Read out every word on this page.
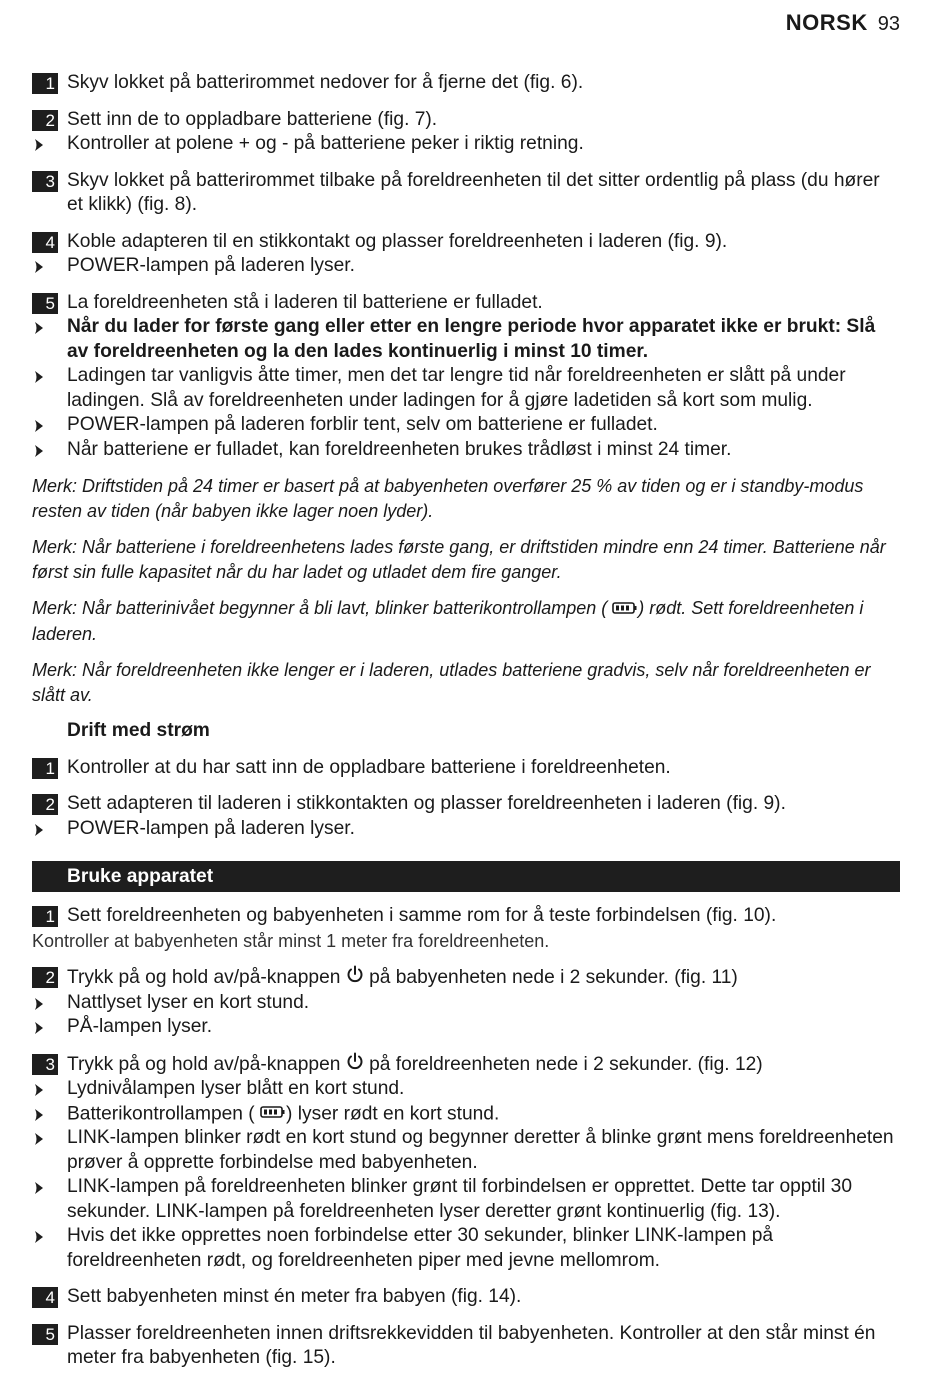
NORSK 93
1 Skyv lokket på batterirommet nedover for å fjerne det (fig. 6).
2 Sett inn de to oppladbare batteriene (fig. 7).
Kontroller at polene + og - på batteriene peker i riktig retning.
3 Skyv lokket på batterirommet tilbake på foreldreenheten til det sitter ordentlig på plass (du hører et klikk) (fig. 8).
4 Koble adapteren til en stikkontakt og plasser foreldreenheten i laderen (fig. 9).
POWER-lampen på laderen lyser.
5 La foreldreenheten stå i laderen til batteriene er fulladet.
Når du lader for første gang eller etter en lengre periode hvor apparatet ikke er brukt: Slå av foreldreenheten og la den lades kontinuerlig i minst 10 timer.
Ladingen tar vanligvis åtte timer, men det tar lengre tid når foreldreenheten er slått på under ladingen. Slå av foreldreenheten under ladingen for å gjøre ladetiden så kort som mulig.
POWER-lampen på laderen forblir tent, selv om batteriene er fulladet.
Når batteriene er fulladet, kan foreldreenheten brukes trådløst i minst 24 timer.
Merk: Driftstiden på 24 timer er basert på at babyenheten overfører 25 % av tiden og er i standby-modus resten av tiden (når babyen ikke lager noen lyder).
Merk: Når batteriene i foreldreenhetens lades første gang, er driftstiden mindre enn 24 timer. Batteriene når først sin fulle kapasitet når du har ladet og utladet dem fire ganger.
Merk: Når batterinivået begynner å bli lavt, blinker batterikontrollampen ( ) rødt. Sett foreldreenheten i laderen.
Merk: Når foreldreenheten ikke lenger er i laderen, utlades batteriene gradvis, selv når foreldreenheten er slått av.
Drift med strøm
1 Kontroller at du har satt inn de oppladbare batteriene i foreldreenheten.
2 Sett adapteren til laderen i stikkontakten og plasser foreldreenheten i laderen (fig. 9).
POWER-lampen på laderen lyser.
Bruke apparatet
1 Sett foreldreenheten og babyenheten i samme rom for å teste forbindelsen (fig. 10).
Kontroller at babyenheten står minst 1 meter fra foreldreenheten.
2 Trykk på og hold av/på-knappen  på babyenheten nede i 2 sekunder. (fig. 11)
Nattlyset lyser en kort stund.
PÅ-lampen lyser.
3 Trykk på og hold av/på-knappen  på foreldreenheten nede i 2 sekunder. (fig. 12)
Lydnivålampen lyser blått en kort stund.
Batterikontrollampen ( ) lyser rødt en kort stund.
LINK-lampen blinker rødt en kort stund og begynner deretter å blinke grønt mens foreldreenheten prøver å opprette forbindelse med babyenheten.
LINK-lampen på foreldreenheten blinker grønt til forbindelsen er opprettet. Dette tar opptil 30 sekunder. LINK-lampen på foreldreenheten lyser deretter grønt kontinuerlig (fig. 13).
Hvis det ikke opprettes noen forbindelse etter 30 sekunder, blinker LINK-lampen på foreldreenheten rødt, og foreldreenheten piper med jevne mellomrom.
4 Sett babyenheten minst én meter fra babyen (fig. 14).
5 Plasser foreldreenheten innen driftsrekkevidden til babyenheten. Kontroller at den står minst én meter fra babyenheten (fig. 15).
